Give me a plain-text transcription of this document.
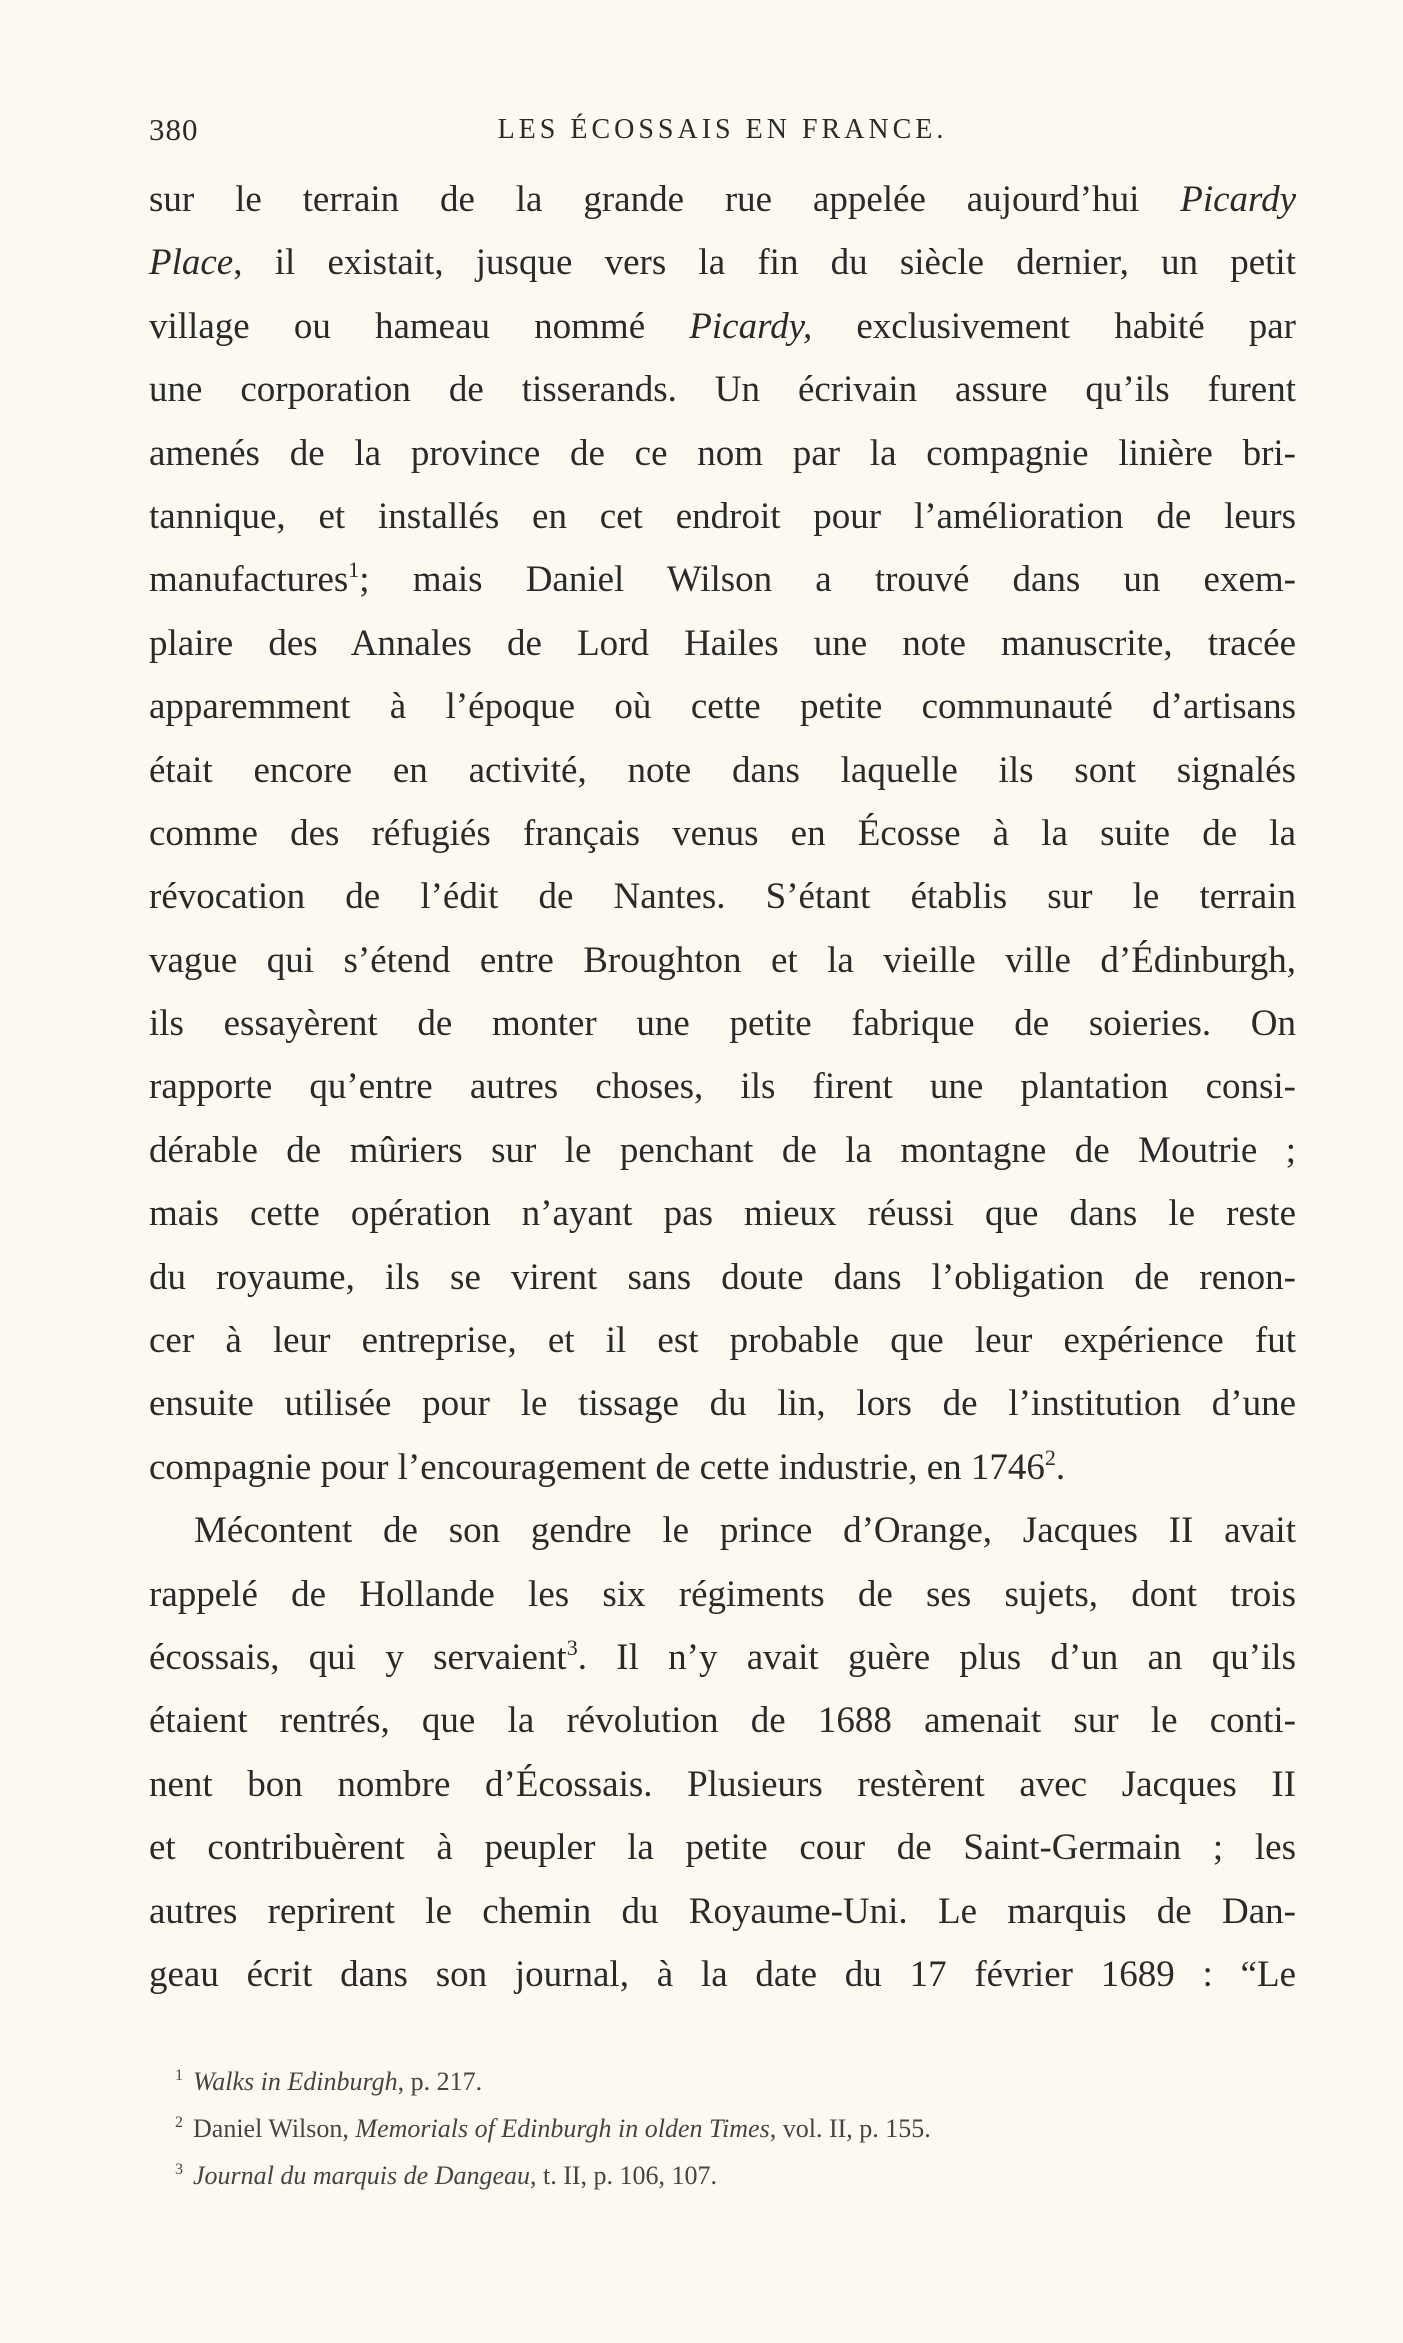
380	LES ÉCOSSAIS EN FRANCE.
sur le terrain de la grande rue appelée aujourd’hui Picardy
Place, il existait, jusque vers la fin du siècle dernier, un petit
village ou hameau nommé Picardy, exclusivement habité par
une corporation de tisserands. Un écrivain assure qu’ils furent
amenés de la province de ce nom par la compagnie linière bri-
tannique, et installés en cet endroit pour l’amélioration de leurs
manufactures$^1$; mais Daniel Wilson a trouvé dans un exem-
plaire des Annales de Lord Hailes une note manuscrite, tracée
apparemment à l’époque où cette petite communauté d’artisans
était encore en activité, note dans laquelle ils sont signalés
comme des réfugiés français venus en Écosse à la suite de la
révocation de l’édit de Nantes. S’étant établis sur le terrain
vague qui s’étend entre Broughton et la vieille ville d’Édinburgh,
ils essayèrent de monter une petite fabrique de soieries. On
rapporte qu’entre autres choses, ils firent une plantation consi-
dérable de mûriers sur le penchant de la montagne de Moutrie ;
mais cette opération n’ayant pas mieux réussi que dans le reste
du royaume, ils se virent sans doute dans l’obligation de renon-
cer à leur entreprise, et il est probable que leur expérience fut
ensuite utilisée pour le tissage du lin, lors de l’institution d’une
compagnie pour l’encouragement de cette industrie, en 1746$^2$.
Mécontent de son gendre le prince d’Orange, Jacques II avait
rappelé de Hollande les six régiments de ses sujets, dont trois
écossais, qui y servaient$^3$. Il n’y avait guère plus d’un an qu’ils
étaient rentrés, que la révolution de 1688 amenait sur le conti-
nent bon nombre d’Écossais. Plusieurs restèrent avec Jacques II
et contribuèrent à peupler la petite cour de Saint-Germain ; les
autres reprirent le chemin du Royaume-Uni. Le marquis de Dan-
geau écrit dans son journal, à la date du 17 février 1689 : “Le
$^1$ Walks in Edinburgh, p. 217.
$^2$ Daniel Wilson, Memorials of Edinburgh in olden Times, vol. II, p. 155.
$^3$ Journal du marquis de Dangeau, t. II, p. 106, 107.
